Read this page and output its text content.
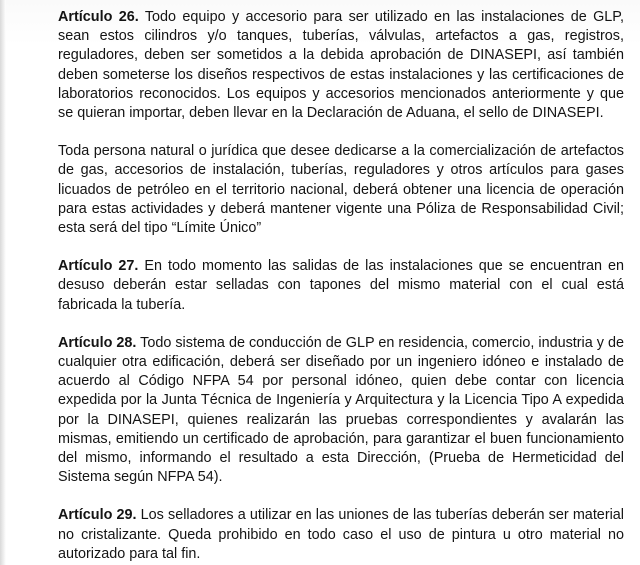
Artículo 26. Todo equipo y accesorio para ser utilizado en las instalaciones de GLP, sean estos cilindros y/o tanques, tuberías, válvulas, artefactos a gas, registros, reguladores, deben ser sometidos a la debida aprobación de DINASEPI, así también deben someterse los diseños respectivos de estas instalaciones y las certificaciones de laboratorios reconocidos. Los equipos y accesorios mencionados anteriormente y que se quieran importar, deben llevar en la Declaración de Aduana, el sello de DINASEPI.

Toda persona natural o jurídica que desee dedicarse a la comercialización de artefactos de gas, accesorios de instalación, tuberías, reguladores y otros artículos para gases licuados de petróleo en el territorio nacional, deberá obtener una licencia de operación para estas actividades y deberá mantener vigente una Póliza de Responsabilidad Civil; esta será del tipo “Límite Único”

Artículo 27. En todo momento las salidas de las instalaciones que se encuentran en desuso deberán estar selladas con tapones del mismo material con el cual está fabricada la tubería.

Artículo 28. Todo sistema de conducción de GLP en residencia, comercio, industria y de cualquier otra edificación, deberá ser diseñado por un ingeniero idóneo e instalado de acuerdo al Código NFPA 54 por personal idóneo, quien debe contar con licencia expedida por la Junta Técnica de Ingeniería y Arquitectura y la Licencia Tipo A expedida por la DINASEPI, quienes realizarán las pruebas correspondientes y avalarán las mismas, emitiendo un certificado de aprobación, para garantizar el buen funcionamiento del mismo, informando el resultado a esta Dirección, (Prueba de Hermeticidad del Sistema según NFPA 54).

Artículo 29. Los selladores a utilizar en las uniones de las tuberías deberán ser material no cristalizante. Queda prohibido en todo caso el uso de pintura u otro material no autorizado para tal fin.
